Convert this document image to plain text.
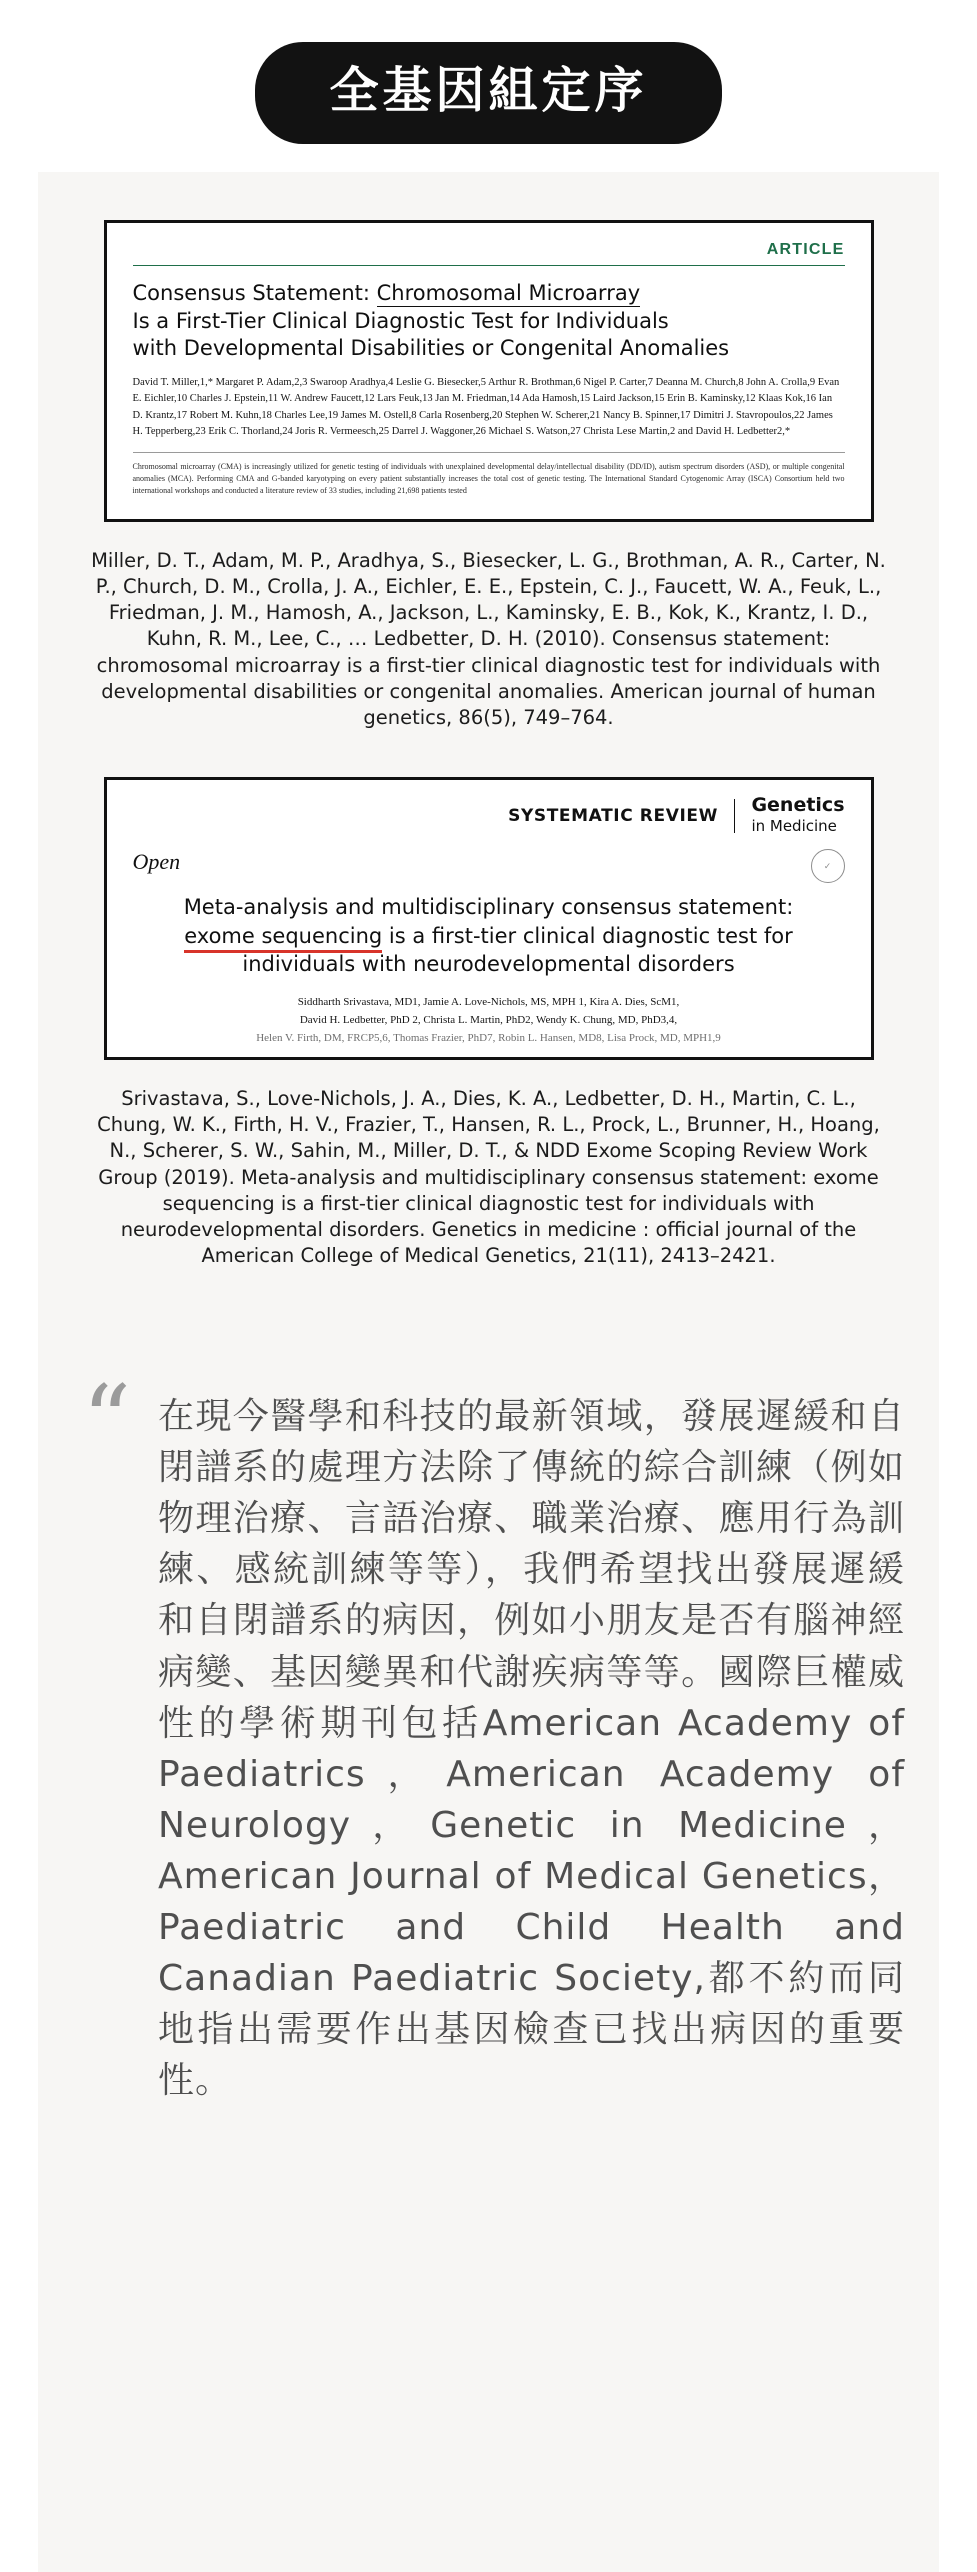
全基因組定序
ARTICLE
Consensus Statement: Chromosomal Microarray
Is a First-Tier Clinical Diagnostic Test for Individuals
with Developmental Disabilities or Congenital Anomalies
David T. Miller,1,* Margaret P. Adam,2,3 Swaroop Aradhya,4 Leslie G. Biesecker,5 Arthur R. Brothman,6 Nigel P. Carter,7 Deanna M. Church,8 John A. Crolla,9 Evan E. Eichler,10 Charles J. Epstein,11 W. Andrew Faucett,12 Lars Feuk,13 Jan M. Friedman,14 Ada Hamosh,15 Laird Jackson,15 Erin B. Kaminsky,12 Klaas Kok,16 Ian D. Krantz,17 Robert M. Kuhn,18 Charles Lee,19 James M. Ostell,8 Carla Rosenberg,20 Stephen W. Scherer,21 Nancy B. Spinner,17 Dimitri J. Stavropoulos,22 James H. Tepperberg,23 Erik C. Thorland,24 Joris R. Vermeesch,25 Darrel J. Waggoner,26 Michael S. Watson,27 Christa Lese Martin,2 and David H. Ledbetter2,*
Chromosomal microarray (CMA) is increasingly utilized for genetic testing of individuals with unexplained developmental delay/intellectual disability (DD/ID), autism spectrum disorders (ASD), or multiple congenital anomalies (MCA). Performing CMA and G-banded karyotyping on every patient substantially increases the total cost of genetic testing. The International Standard Cytogenomic Array (ISCA) Consortium held two international workshops and conducted a literature review of 33 studies, including 21,698 patients tested
Miller, D. T., Adam, M. P., Aradhya, S., Biesecker, L. G., Brothman, A. R., Carter, N. P., Church, D. M., Crolla, J. A., Eichler, E. E., Epstein, C. J., Faucett, W. A., Feuk, L., Friedman, J. M., Hamosh, A., Jackson, L., Kaminsky, E. B., Kok, K., Krantz, I. D., Kuhn, R. M., Lee, C., … Ledbetter, D. H. (2010). Consensus statement: chromosomal microarray is a first-tier clinical diagnostic test for individuals with developmental disabilities or congenital anomalies. American journal of human genetics, 86(5), 749–764.
SYSTEMATIC REVIEW Genetics
in Medicine
Open	✓
Meta-analysis and multidisciplinary consensus statement:
exome sequencing is a first-tier clinical diagnostic test for
individuals with neurodevelopmental disorders
Siddharth Srivastava, MD1, Jamie A. Love-Nichols, MS, MPH 1, Kira A. Dies, ScM1,
David H. Ledbetter, PhD 2, Christa L. Martin, PhD2, Wendy K. Chung, MD, PhD3,4,
Helen V. Firth, DM, FRCP5,6, Thomas Frazier, PhD7, Robin L. Hansen, MD8, Lisa Prock, MD, MPH1,9
Srivastava, S., Love-Nichols, J. A., Dies, K. A., Ledbetter, D. H., Martin, C. L., Chung, W. K., Firth, H. V., Frazier, T., Hansen, R. L., Prock, L., Brunner, H., Hoang, N., Scherer, S. W., Sahin, M., Miller, D. T., & NDD Exome Scoping Review Work Group (2019). Meta-analysis and multidisciplinary consensus statement: exome sequencing is a first-tier clinical diagnostic test for individuals with neurodevelopmental disorders. Genetics in medicine : official journal of the American College of Medical Genetics, 21(11), 2413–2421.
“ 在現今醫學和科技的最新領域，發展遲緩和自閉譜系的處理方法除了傳統的綜合訓練（例如物理治療、言語治療、職業治療、應用行為訓練、感統訓練等等），我們希望找出發展遲緩和自閉譜系的病因，例如小朋友是否有腦神經病變、基因變異和代謝疾病等等。國際巨權威性的學術期刊包括American Academy of Paediatrics，American Academy of Neurology，Genetic in Medicine，American Journal of Medical Genetics，Paediatric and Child Health and Canadian Paediatric Society,都不約而同地指出需要作出基因檢查已找出病因的重要性。
